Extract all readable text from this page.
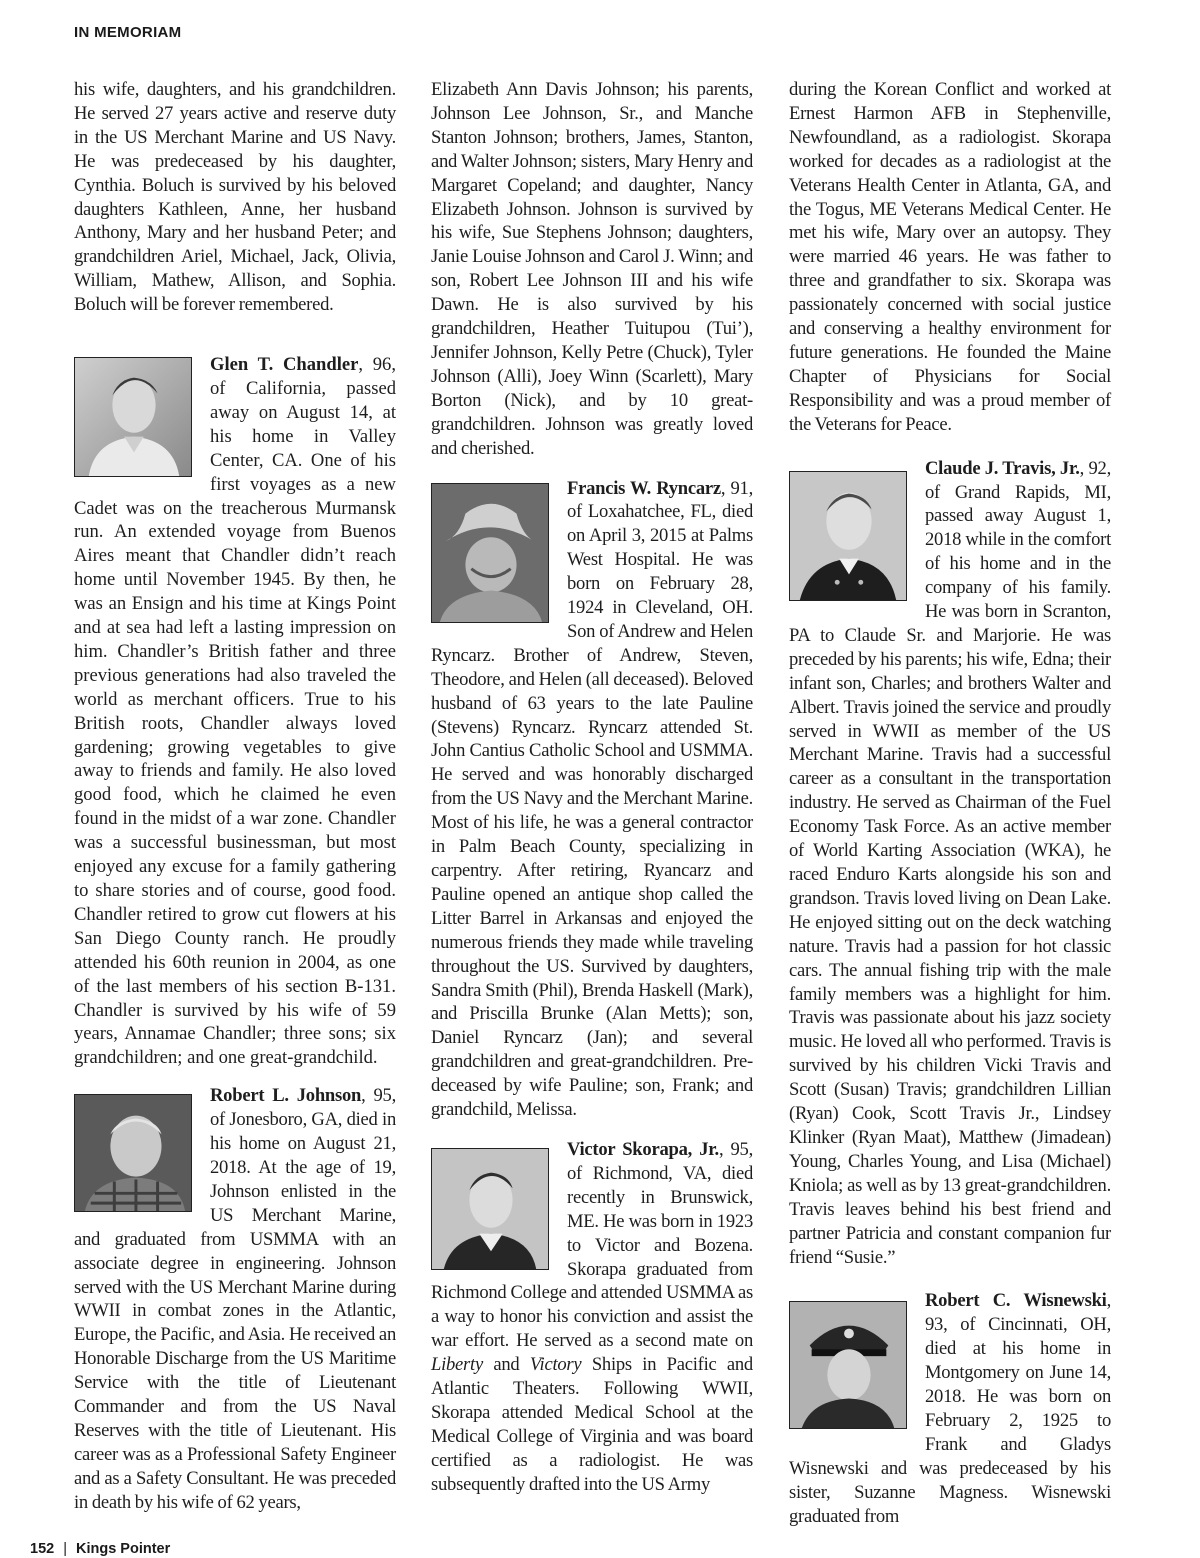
IN MEMORIAM

his wife, daughters, and his grandchildren. He served 27 years active and reserve duty in the US Merchant Marine and US Navy. He was predeceased by his daughter, Cynthia. Boluch is survived by his beloved daughters Kathleen, Anne, her husband Anthony, Mary and her husband Peter; and grandchildren Ariel, Michael, Jack, Olivia, William, Mathew, Allison, and Sophia. Boluch will be forever remembered.

Glen T. Chandler, 96, of California, passed away on August 14, at his home in Valley Center, CA. One of his first voyages as a new Cadet was on the treacherous Murmansk run. An extended voyage from Buenos Aires meant that Chandler didn’t reach home until November 1945. By then, he was an Ensign and his time at Kings Point and at sea had left a lasting impression on him. Chandler’s British father and three previous generations had also traveled the world as merchant officers. True to his British roots, Chandler always loved gardening; growing vegetables to give away to friends and family. He also loved good food, which he claimed he even found in the midst of a war zone. Chandler was a successful businessman, but most enjoyed any excuse for a family gathering to share stories and of course, good food. Chandler retired to grow cut flowers at his San Diego County ranch. He proudly attended his 60th reunion in 2004, as one of the last members of his section B-131. Chandler is survived by his wife of 59 years, Annamae Chandler; three sons; six grandchildren; and one great-grandchild.

Robert L. Johnson, 95, of Jonesboro, GA, died in his home on August 21, 2018. At the age of 19, Johnson enlisted in the US Merchant Marine, and graduated from USMMA with an associate degree in engineering. Johnson served with the US Merchant Marine during WWII in combat zones in the Atlantic, Europe, the Pacific, and Asia. He received an Honorable Discharge from the US Maritime Service with the title of Lieutenant Commander and from the US Naval Reserves with the title of Lieutenant. His career was as a Professional Safety Engineer and as a Safety Consultant. He was preceded in death by his wife of 62 years,

Elizabeth Ann Davis Johnson; his parents, Johnson Lee Johnson, Sr., and Manche Stanton Johnson; brothers, James, Stanton, and Walter Johnson; sisters, Mary Henry and Margaret Copeland; and daughter, Nancy Elizabeth Johnson. Johnson is survived by his wife, Sue Stephens Johnson; daughters, Janie Louise Johnson and Carol J. Winn; and son, Robert Lee Johnson III and his wife Dawn. He is also survived by his grandchildren, Heather Tuitupou (Tui’), Jennifer Johnson, Kelly Petre (Chuck), Tyler Johnson (Alli), Joey Winn (Scarlett), Mary Borton (Nick), and by 10 great-grandchildren. Johnson was greatly loved and cherished.

Francis W. Ryncarz, 91, of Loxahatchee, FL, died on April 3, 2015 at Palms West Hospital. He was born on February 28, 1924 in Cleveland, OH. Son of Andrew and Helen Ryncarz. Brother of Andrew, Steven, Theodore, and Helen (all deceased). Beloved husband of 63 years to the late Pauline (Stevens) Ryncarz. Ryncarz attended St. John Cantius Catholic School and USMMA. He served and was honorably discharged from the US Navy and the Merchant Marine. Most of his life, he was a general contractor in Palm Beach County, specializing in carpentry. After retiring, Ryancarz and Pauline opened an antique shop called the Litter Barrel in Arkansas and enjoyed the numerous friends they made while traveling throughout the US. Survived by daughters, Sandra Smith (Phil), Brenda Haskell (Mark), and Priscilla Brunke (Alan Metts); son, Daniel Ryncarz (Jan); and several grandchildren and great-grandchildren. Pre-deceased by wife Pauline; son, Frank; and grandchild, Melissa.

Victor Skorapa, Jr., 95, of Richmond, VA, died recently in Brunswick, ME. He was born in 1923 to Victor and Bozena. Skorapa graduated from Richmond College and attended USMMA as a way to honor his conviction and assist the war effort. He served as a second mate on Liberty and Victory Ships in Pacific and Atlantic Theaters. Following WWII, Skorapa attended Medical School at the Medical College of Virginia and was board certified as a radiologist. He was subsequently drafted into the US Army

during the Korean Conflict and worked at Ernest Harmon AFB in Stephenville, Newfoundland, as a radiologist. Skorapa worked for decades as a radiologist at the Veterans Health Center in Atlanta, GA, and the Togus, ME Veterans Medical Center. He met his wife, Mary over an autopsy. They were married 46 years. He was father to three and grandfather to six. Skorapa was passionately concerned with social justice and conserving a healthy environment for future generations. He founded the Maine Chapter of Physicians for Social Responsibility and was a proud member of the Veterans for Peace.

Claude J. Travis, Jr., 92, of Grand Rapids, MI, passed away August 1, 2018 while in the comfort of his home and in the company of his family. He was born in Scranton, PA to Claude Sr. and Marjorie. He was preceded by his parents; his wife, Edna; their infant son, Charles; and brothers Walter and Albert. Travis joined the service and proudly served in WWII as member of the US Merchant Marine. Travis had a successful career as a consultant in the transportation industry. He served as Chairman of the Fuel Economy Task Force. As an active member of World Karting Association (WKA), he raced Enduro Karts alongside his son and grandson. Travis loved living on Dean Lake. He enjoyed sitting out on the deck watching nature. Travis had a passion for hot classic cars. The annual fishing trip with the male family members was a highlight for him. Travis was passionate about his jazz society music. He loved all who performed. Travis is survived by his children Vicki Travis and Scott (Susan) Travis; grandchildren Lillian (Ryan) Cook, Scott Travis Jr., Lindsey Klinker (Ryan Maat), Matthew (Jimadean) Young, Charles Young, and Lisa (Michael) Kniola; as well as by 13 great-grandchildren. Travis leaves behind his best friend and partner Patricia and constant companion fur friend “Susie.”

Robert C. Wisnewski, 93, of Cincinnati, OH, died at his home in Montgomery on June 14, 2018. He was born on February 2, 1925 to Frank and Gladys Wisnewski and was predeceased by his sister, Suzanne Magness. Wisnewski graduated from

152 | Kings Pointer
